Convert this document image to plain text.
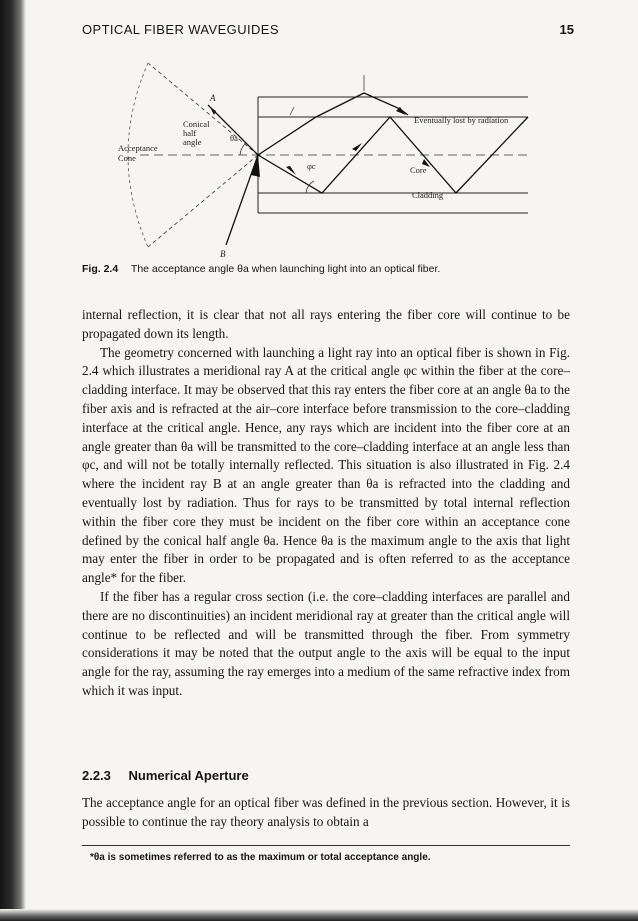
OPTICAL FIBER WAVEGUIDES	15
A
B
Conical half angle	θa
Acceptance Cone
φc
Eventually lost by radiation
Core
Cladding
Fig. 2.4 The acceptance angle θa when launching light into an optical fiber.

internal reflection, it is clear that not all rays entering the fiber core will continue to be propagated down its length.

The geometry concerned with launching a light ray into an optical fiber is shown in Fig. 2.4 which illustrates a meridional ray A at the critical angle φc within the fiber at the core–cladding interface. It may be observed that this ray enters the fiber core at an angle θa to the fiber axis and is refracted at the air–core interface before transmission to the core–cladding interface at the critical angle. Hence, any rays which are incident into the fiber core at an angle greater than θa will be transmitted to the core–cladding interface at an angle less than φc, and will not be totally internally reflected. This situation is also illustrated in Fig. 2.4 where the incident ray B at an angle greater than θa is refracted into the cladding and eventually lost by radiation. Thus for rays to be transmitted by total internal reflection within the fiber core they must be incident on the fiber core within an acceptance cone defined by the conical half angle θa. Hence θa is the maximum angle to the axis that light may enter the fiber in order to be propagated and is often referred to as the acceptance angle* for the fiber.

If the fiber has a regular cross section (i.e. the core–cladding interfaces are parallel and there are no discontinuities) an incident meridional ray at greater than the critical angle will continue to be reflected and will be transmitted through the fiber. From symmetry considerations it may be noted that the output angle to the axis will be equal to the input angle for the ray, assuming the ray emerges into a medium of the same refractive index from which it was input.

2.2.3 Numerical Aperture

The acceptance angle for an optical fiber was defined in the previous section. However, it is possible to continue the ray theory analysis to obtain a

*θa is sometimes referred to as the maximum or total acceptance angle.
